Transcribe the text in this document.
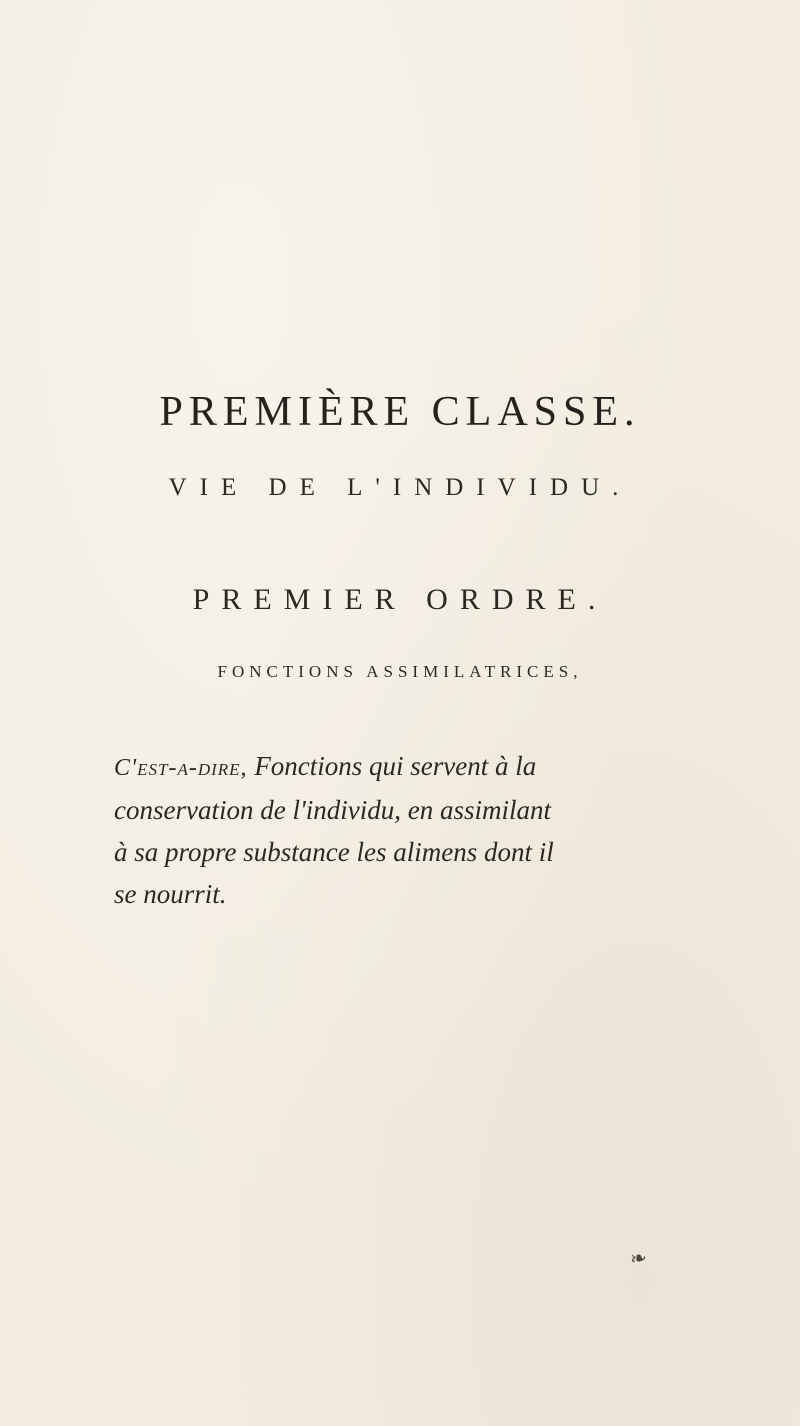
PREMIÈRE CLASSE.
VIE DE L'INDIVIDU.
PREMIER ORDRE.
FONCTIONS ASSIMILATRICES,
C'est-a-dire, Fonctions qui servent à la
conservation de l'individu, en assimilant
à sa propre substance les alimens dont il
se nourrit.
❧
